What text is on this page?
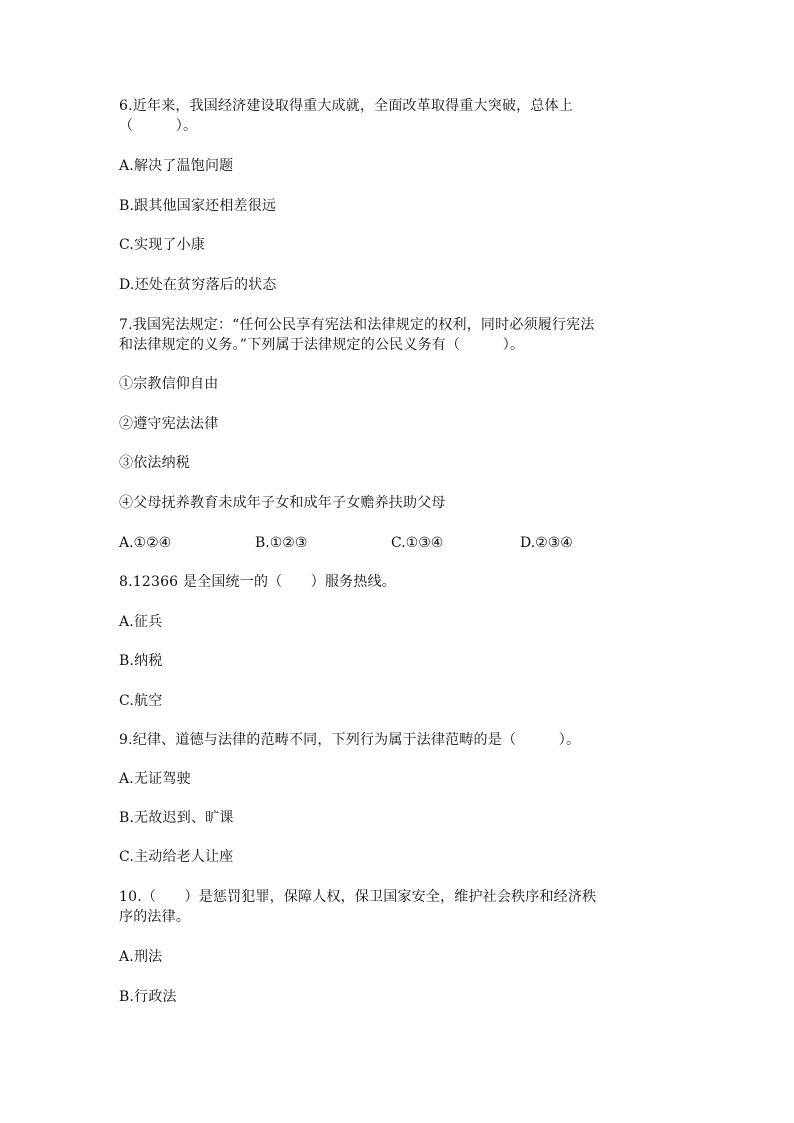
6.近年来，我国经济建设取得重大成就，全面改革取得重大突破，总体上
（　　　）。
A.解决了温饱问题
B.跟其他国家还相差很远
C.实现了小康
D.还处在贫穷落后的状态
7.我国宪法规定：“任何公民享有宪法和法律规定的权利，同时必须履行宪法
和法律规定的义务。”下列属于法律规定的公民义务有（　　　）。
①宗教信仰自由
②遵守宪法法律
③依法纳税
④父母抚养教育未成年子女和成年子女赡养扶助父母
A.①②④	B.①②③	C.①③④	D.②③④
8.12366 是全国统一的（　　）服务热线。
A.征兵
B.纳税
C.航空
9.纪律、道德与法律的范畴不同，下列行为属于法律范畴的是（　　　）。
A.无证驾驶
B.无故迟到、旷课
C.主动给老人让座
10.（　　）是惩罚犯罪，保障人权，保卫国家安全，维护社会秩序和经济秩
序的法律。
A.刑法
B.行政法
